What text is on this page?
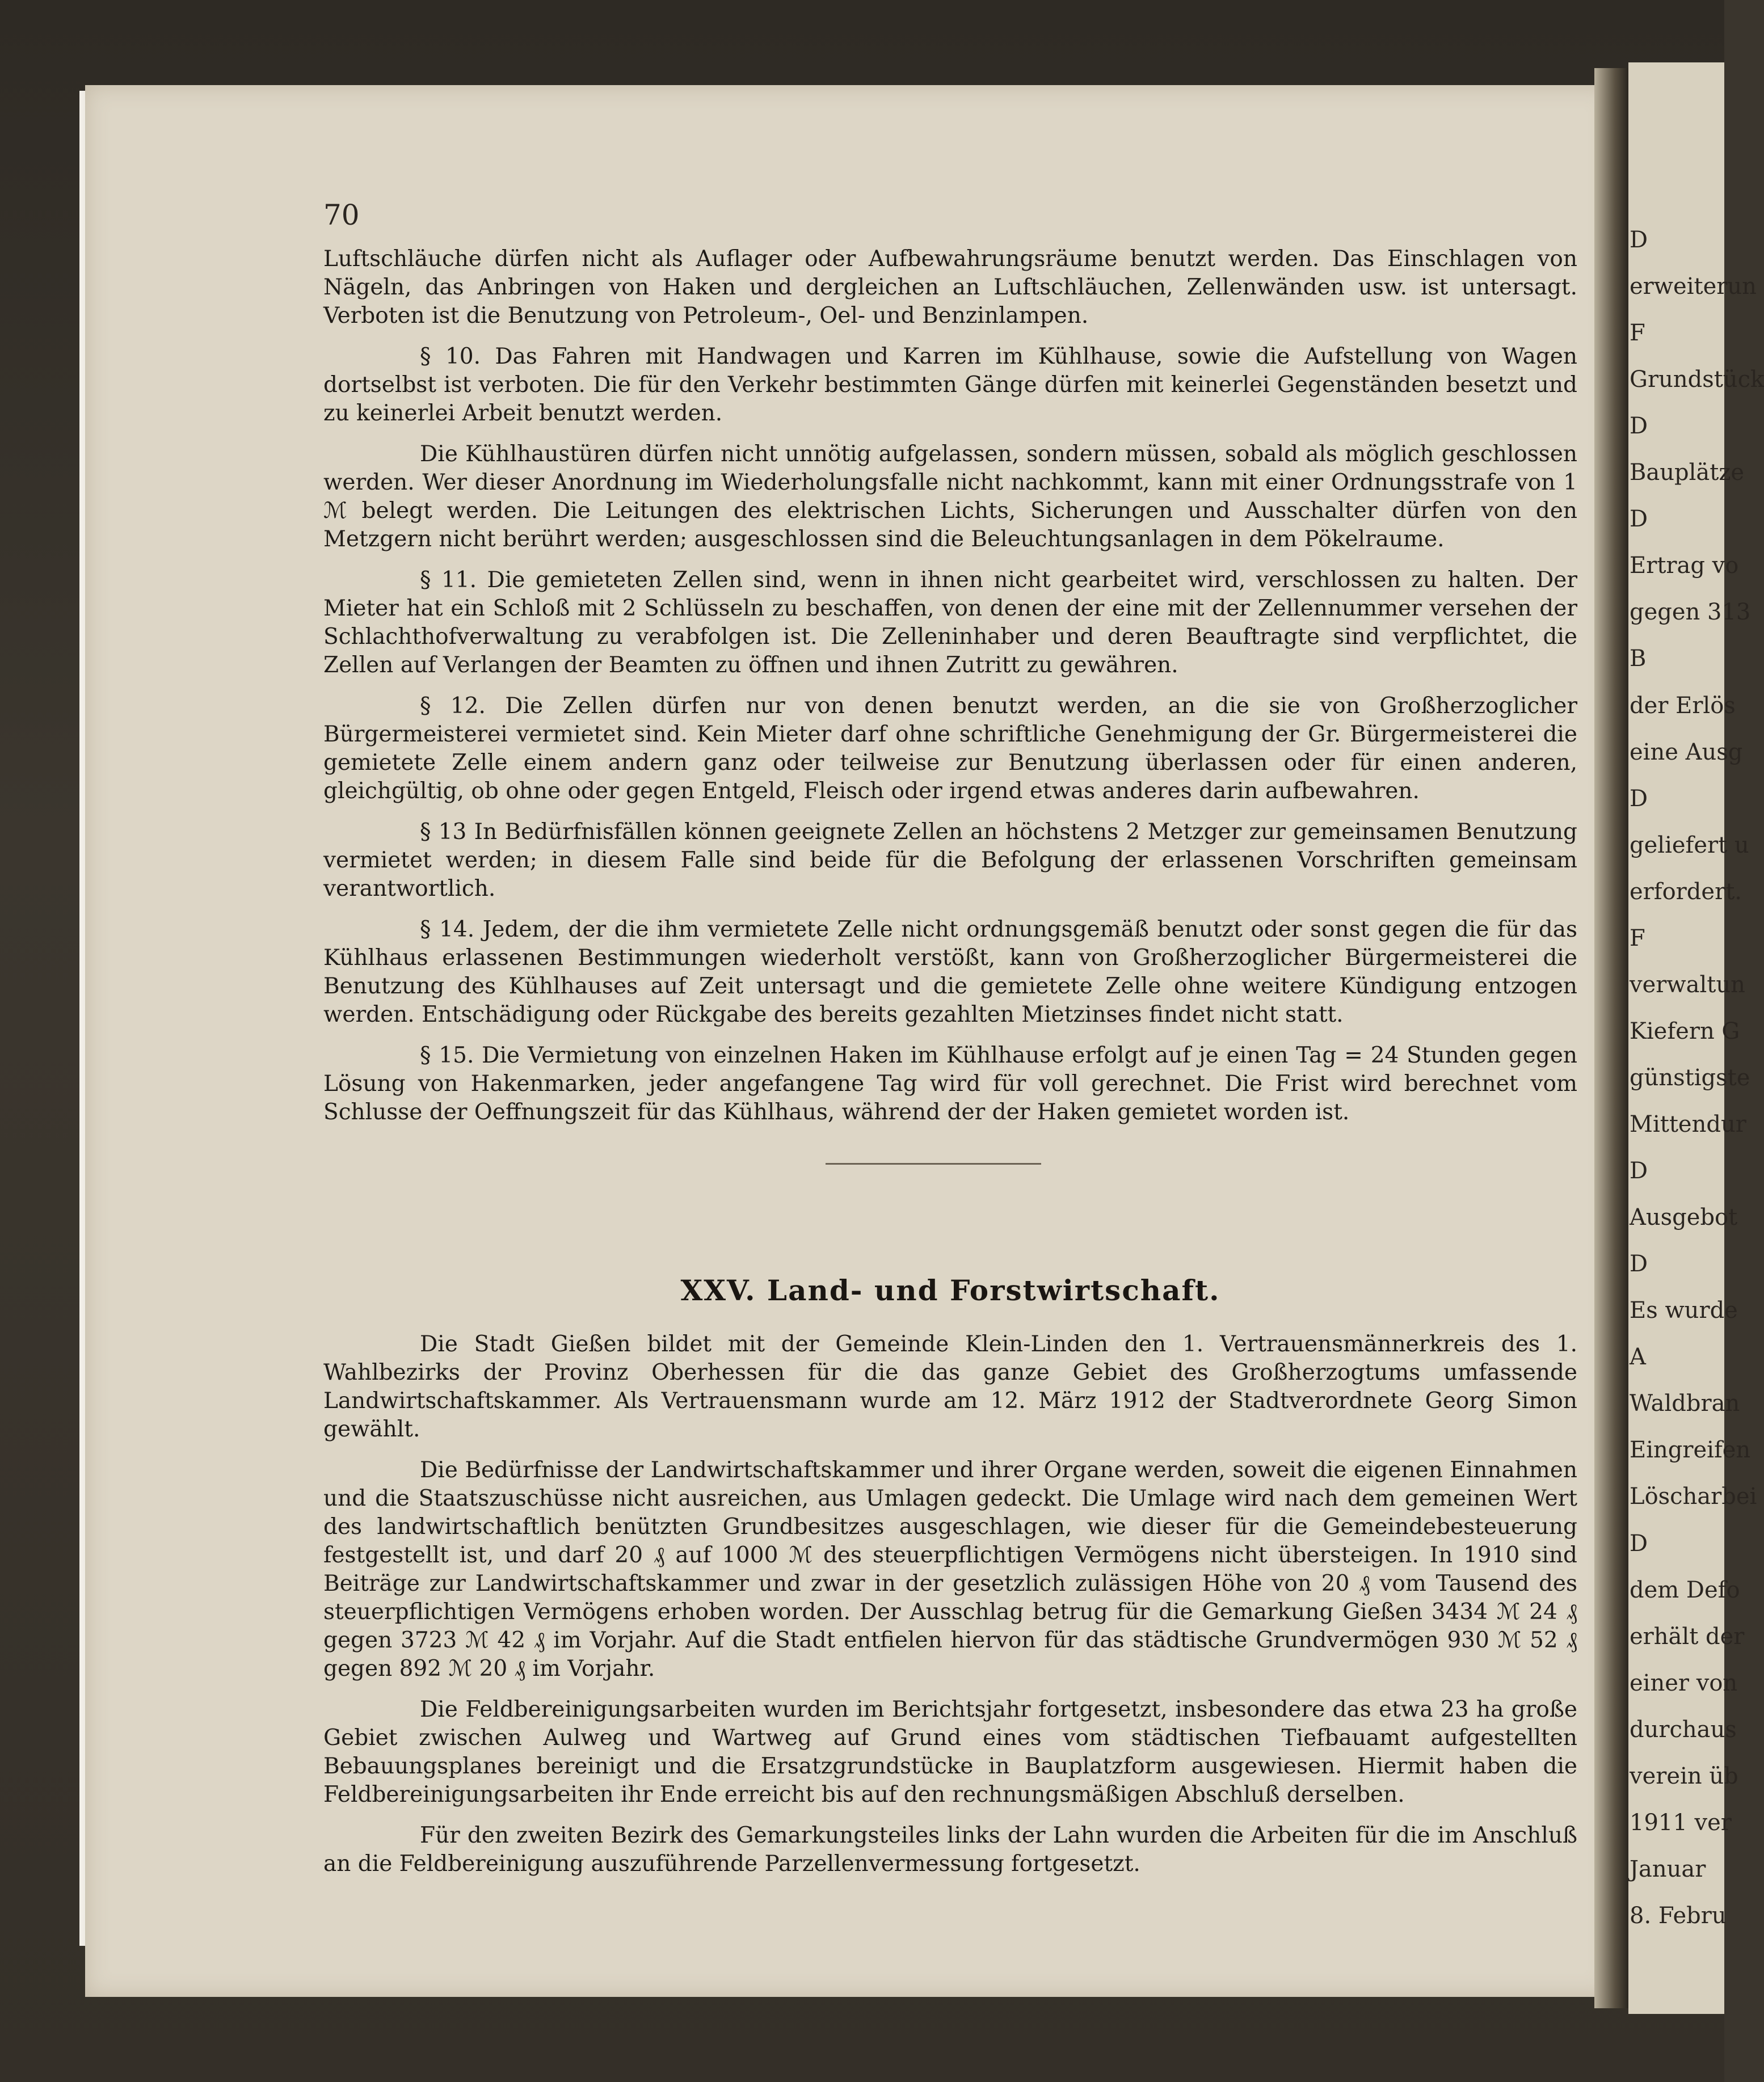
D
erweiterun
F
Grundstück
D
Bauplätze
D
Ertrag vo
gegen 313
B
der Erlös
eine Ausg
D
geliefert u
erfordert.
F
verwaltun
Kiefern G
günstigste
Mittendur
D
Ausgebot
D
Es wurde
A
Waldbran
Eingreifen
Löscharbei
D
dem Defo
erhält der
einer von
durchaus
verein üb
1911 ver
Januar
8. Febru
70

Luftschläuche dürfen nicht als Auflager oder Aufbewahrungsräume benutzt werden. Das Einschlagen von Nägeln, das Anbringen von Haken und dergleichen an Luftschläuchen, Zellenwänden usw. ist untersagt. Verboten ist die Benutzung von Petroleum-, Oel- und Benzinlampen.

§ 10. Das Fahren mit Handwagen und Karren im Kühlhause, sowie die Aufstellung von Wagen dortselbst ist verboten. Die für den Verkehr bestimmten Gänge dürfen mit keinerlei Gegenständen besetzt und zu keinerlei Arbeit benutzt werden.

Die Kühlhaustüren dürfen nicht unnötig aufgelassen, sondern müssen, sobald als möglich geschlossen werden. Wer dieser Anordnung im Wiederholungsfalle nicht nachkommt, kann mit einer Ordnungsstrafe von 1 ℳ belegt werden. Die Leitungen des elektrischen Lichts, Sicherungen und Ausschalter dürfen von den Metzgern nicht berührt werden; ausgeschlossen sind die Beleuchtungsanlagen in dem Pökelraume.

§ 11. Die gemieteten Zellen sind, wenn in ihnen nicht gearbeitet wird, verschlossen zu halten. Der Mieter hat ein Schloß mit 2 Schlüsseln zu beschaffen, von denen der eine mit der Zellennummer versehen der Schlachthofverwaltung zu verabfolgen ist. Die Zelleninhaber und deren Beauftragte sind verpflichtet, die Zellen auf Verlangen der Beamten zu öffnen und ihnen Zutritt zu gewähren.

§ 12. Die Zellen dürfen nur von denen benutzt werden, an die sie von Großherzoglicher Bürgermeisterei vermietet sind. Kein Mieter darf ohne schriftliche Genehmigung der Gr. Bürgermeisterei die gemietete Zelle einem andern ganz oder teilweise zur Benutzung überlassen oder für einen anderen, gleichgültig, ob ohne oder gegen Entgeld, Fleisch oder irgend etwas anderes darin aufbewahren.

§ 13 In Bedürfnisfällen können geeignete Zellen an höchstens 2 Metzger zur gemeinsamen Benutzung vermietet werden; in diesem Falle sind beide für die Befolgung der erlassenen Vorschriften gemeinsam verantwortlich.

§ 14. Jedem, der die ihm vermietete Zelle nicht ordnungsgemäß benutzt oder sonst gegen die für das Kühlhaus erlassenen Bestimmungen wiederholt verstößt, kann von Großherzoglicher Bürgermeisterei die Benutzung des Kühlhauses auf Zeit untersagt und die gemietete Zelle ohne weitere Kündigung entzogen werden. Entschädigung oder Rückgabe des bereits gezahlten Mietzinses findet nicht statt.

§ 15. Die Vermietung von einzelnen Haken im Kühlhause erfolgt auf je einen Tag = 24 Stunden gegen Lösung von Hakenmarken, jeder angefangene Tag wird für voll gerechnet. Die Frist wird berechnet vom Schlusse der Oeffnungszeit für das Kühlhaus, während der der Haken gemietet worden ist.

XXV. Land- und Forstwirtschaft.

Die Stadt Gießen bildet mit der Gemeinde Klein-Linden den 1. Vertrauensmännerkreis des 1. Wahlbezirks der Provinz Oberhessen für die das ganze Gebiet des Großherzogtums umfassende Landwirtschaftskammer. Als Vertrauensmann wurde am 12. März 1912 der Stadtverordnete Georg Simon gewählt.

Die Bedürfnisse der Landwirtschaftskammer und ihrer Organe werden, soweit die eigenen Einnahmen und die Staatszuschüsse nicht ausreichen, aus Umlagen gedeckt. Die Umlage wird nach dem gemeinen Wert des landwirtschaftlich benützten Grundbesitzes ausgeschlagen, wie dieser für die Gemeindebesteuerung festgestellt ist, und darf 20 ₰ auf 1000 ℳ des steuerpflichtigen Vermögens nicht übersteigen. In 1910 sind Beiträge zur Landwirtschaftskammer und zwar in der gesetzlich zulässigen Höhe von 20 ₰ vom Tausend des steuerpflichtigen Vermögens erhoben worden. Der Ausschlag betrug für die Gemarkung Gießen 3434 ℳ 24 ₰ gegen 3723 ℳ 42 ₰ im Vorjahr. Auf die Stadt entfielen hiervon für das städtische Grundvermögen 930 ℳ 52 ₰ gegen 892 ℳ 20 ₰ im Vorjahr.

Die Feldbereinigungsarbeiten wurden im Berichtsjahr fortgesetzt, insbesondere das etwa 23 ha große Gebiet zwischen Aulweg und Wartweg auf Grund eines vom städtischen Tiefbauamt aufgestellten Bebauungsplanes bereinigt und die Ersatzgrundstücke in Bauplatzform ausgewiesen. Hiermit haben die Feldbereinigungsarbeiten ihr Ende erreicht bis auf den rechnungsmäßigen Abschluß derselben.

Für den zweiten Bezirk des Gemarkungsteiles links der Lahn wurden die Arbeiten für die im Anschluß an die Feldbereinigung auszuführende Parzellenvermessung fortgesetzt.
